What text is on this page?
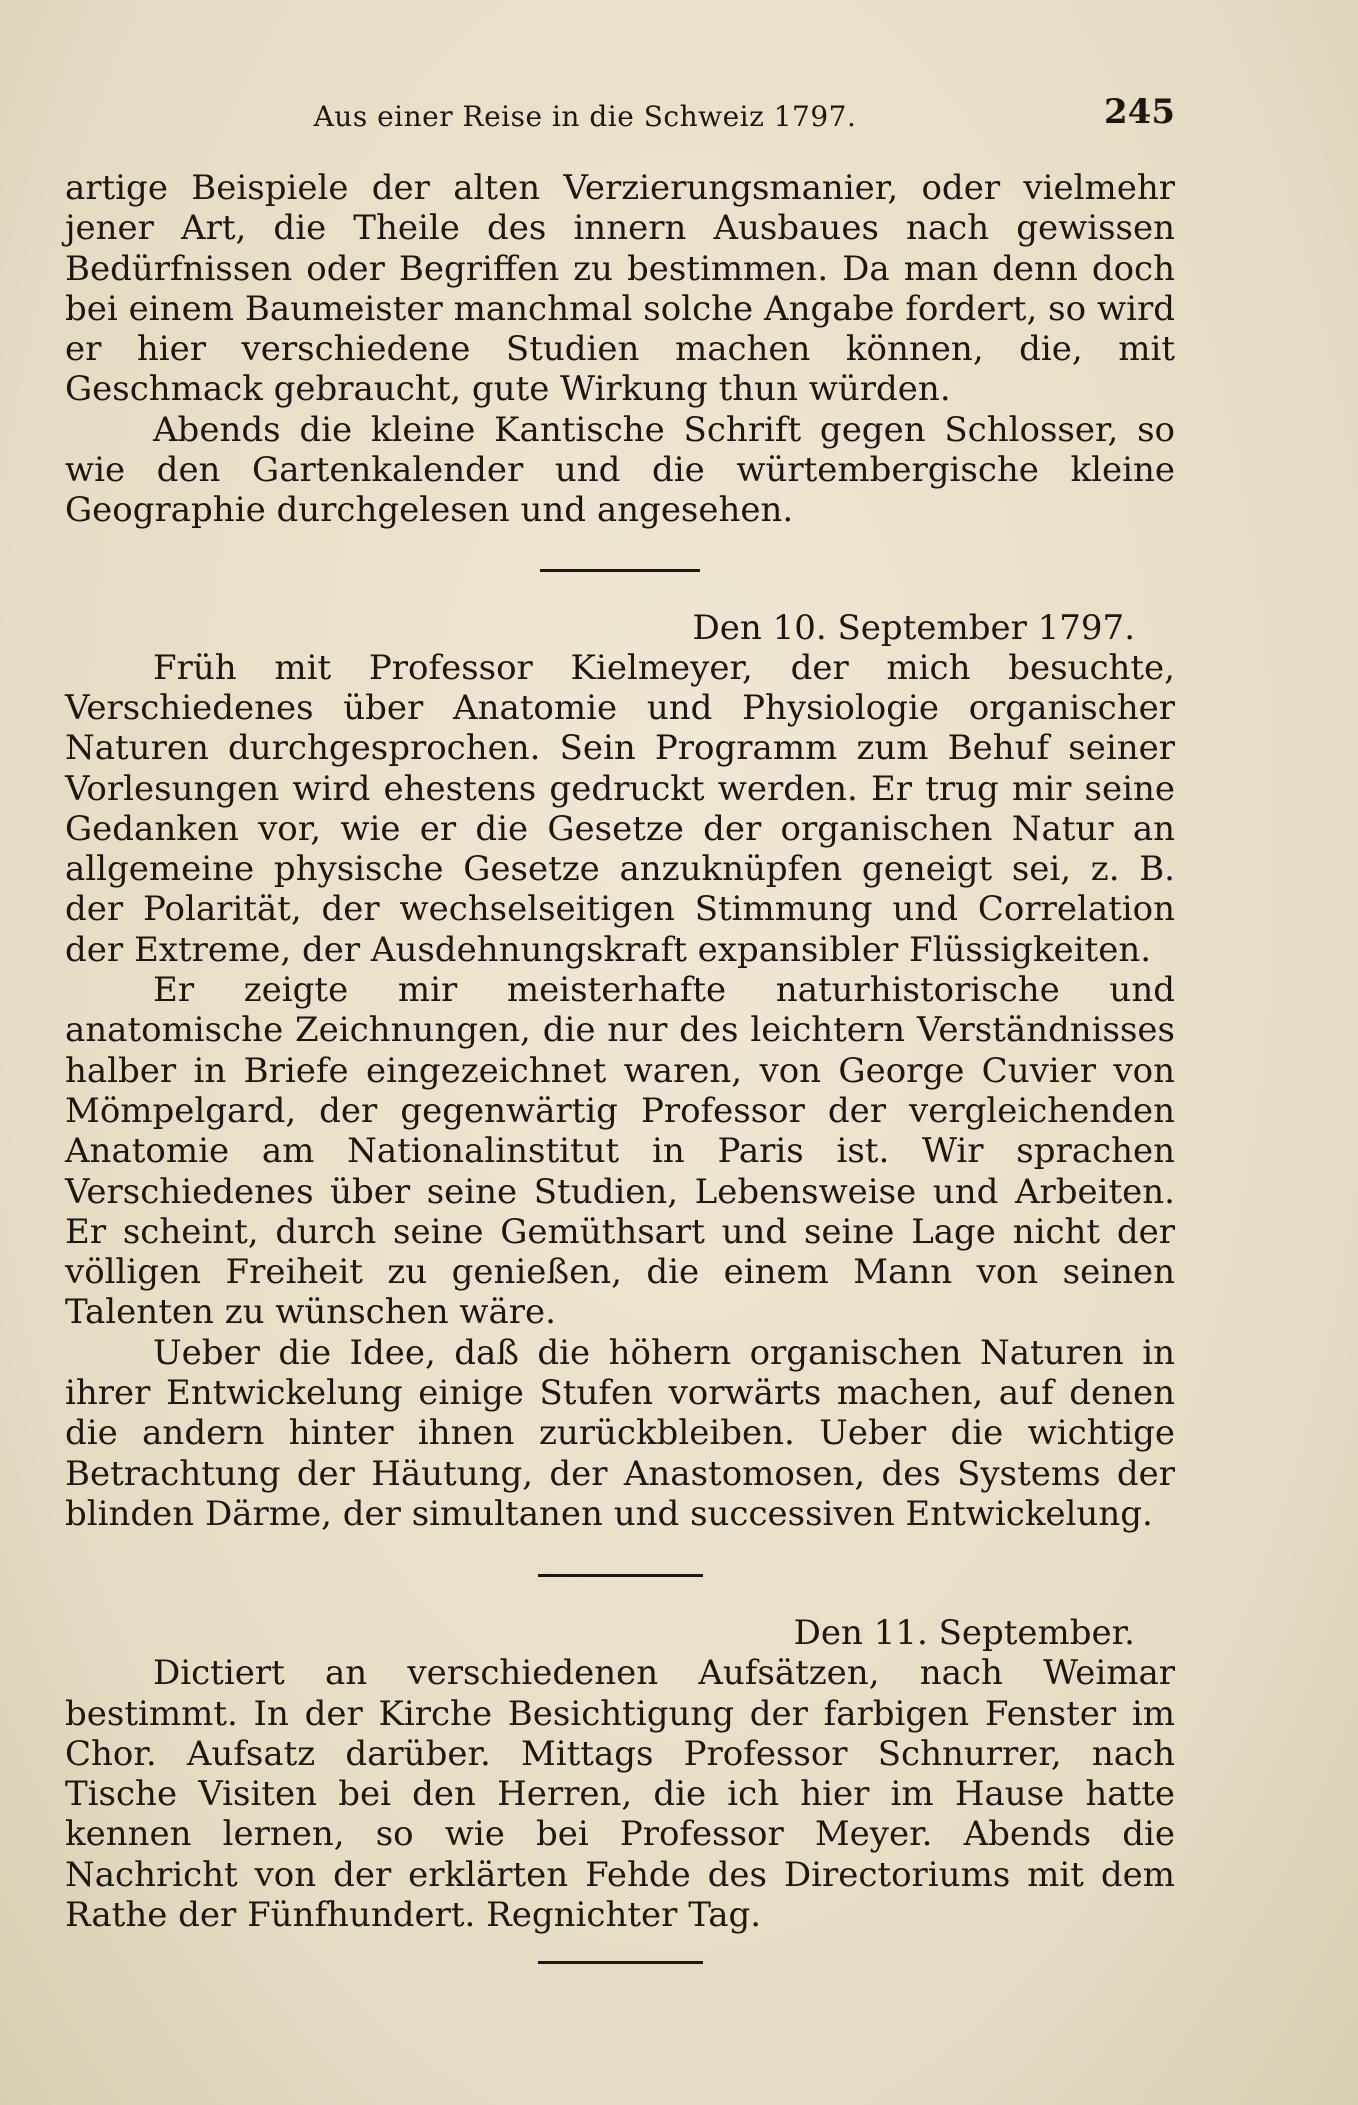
Aus einer Reise in die Schweiz 1797.	245

artige Beispiele der alten Verzierungsmanier, oder vielmehr jener Art, die Theile des innern Ausbaues nach gewissen Bedürfnissen oder Begriffen zu bestimmen. Da man denn doch bei einem Baumeister manchmal solche Angabe fordert, so wird er hier verschiedene Studien machen können, die, mit Geschmack gebraucht, gute Wirkung thun würden.

Abends die kleine Kantische Schrift gegen Schlosser, so wie den Gartenkalender und die würtembergische kleine Geographie durchgelesen und angesehen.

Den 10. September 1797.

Früh mit Professor Kielmeyer, der mich besuchte, Verschiedenes über Anatomie und Physiologie organischer Naturen durchgesprochen. Sein Programm zum Behuf seiner Vorlesungen wird ehestens gedruckt werden. Er trug mir seine Gedanken vor, wie er die Gesetze der organischen Natur an allgemeine physische Gesetze anzuknüpfen geneigt sei, z. B. der Polarität, der wechselseitigen Stimmung und Correlation der Extreme, der Ausdehnungskraft expansibler Flüssigkeiten.

Er zeigte mir meisterhafte naturhistorische und anatomische Zeichnungen, die nur des leichtern Verständnisses halber in Briefe eingezeichnet waren, von George Cuvier von Mömpelgard, der gegenwärtig Professor der vergleichenden Anatomie am Nationalinstitut in Paris ist. Wir sprachen Verschiedenes über seine Studien, Lebensweise und Arbeiten. Er scheint, durch seine Gemüthsart und seine Lage nicht der völligen Freiheit zu genießen, die einem Mann von seinen Talenten zu wünschen wäre.

Ueber die Idee, daß die höhern organischen Naturen in ihrer Entwickelung einige Stufen vorwärts machen, auf denen die andern hinter ihnen zurückbleiben. Ueber die wichtige Betrachtung der Häutung, der Anastomosen, des Systems der blinden Därme, der simultanen und successiven Entwickelung.

Den 11. September.

Dictiert an verschiedenen Aufsätzen, nach Weimar bestimmt. In der Kirche Besichtigung der farbigen Fenster im Chor. Aufsatz darüber. Mittags Professor Schnurrer, nach Tische Visiten bei den Herren, die ich hier im Hause hatte kennen lernen, so wie bei Professor Meyer. Abends die Nachricht von der erklärten Fehde des Directoriums mit dem Rathe der Fünfhundert. Regnichter Tag.
